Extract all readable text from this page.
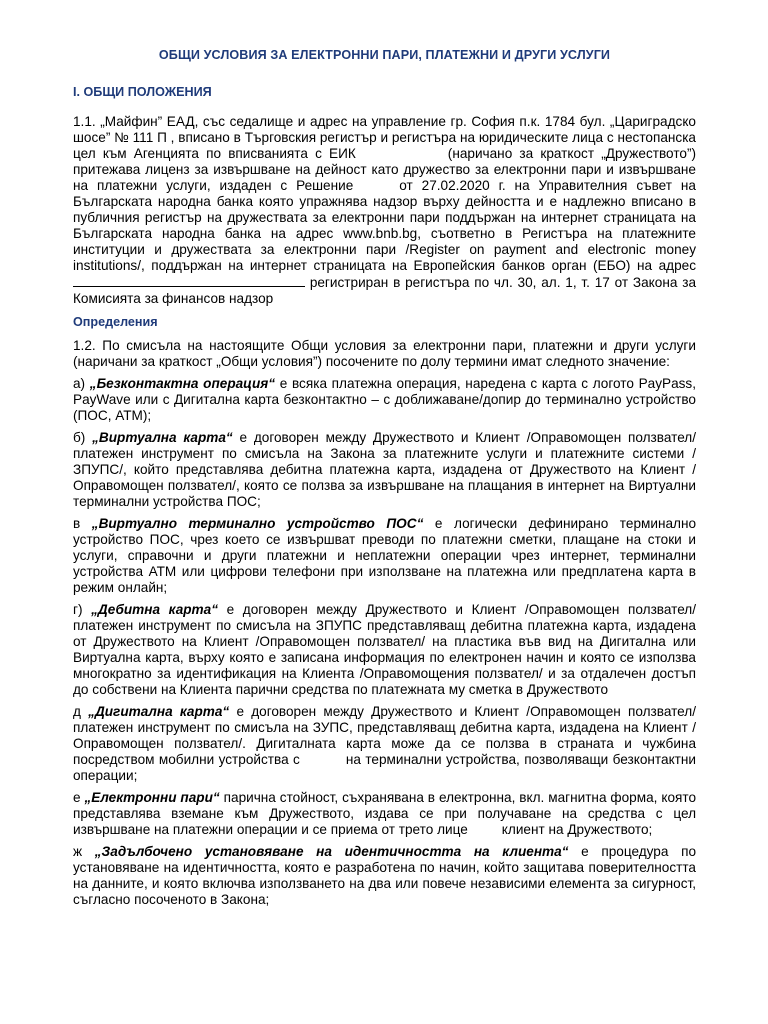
ОБЩИ УСЛОВИЯ ЗА ЕЛЕКТРОННИ ПАРИ, ПЛАТЕЖНИ И ДРУГИ УСЛУГИ
I. ОБЩИ ПОЛОЖЕНИЯ

1.1. „Майфин” ЕАД, със седалище и адрес на управление гр. София п.к. 1784 бул. „Цариградско шосе” № 111 П , вписано в Търговския регистър и регистъра на юридическите лица с нестопанска цел към Агенцията по вписванията с ЕИК	(наричано за краткост „Дружеството”) притежава лиценз за извършване на дейност като дружество за електронни пари и извършване на платежни услуги, издаден с Решение	от 27.02.2020 г. на Управителния съвет на Българската народна банка която упражнява надзор върху дейността и е надлежно вписано в публичния регистър на дружествата за електронни пари поддържан на интернет страницата на Българската народна банка на адрес www.bnb.bg, съответно в Регистъра на платежните институции и дружествата за електронни пари /Register on payment and electronic money institutions/, поддържан на интернет страницата на Европейския банков орган (ЕБО) на адрес  регистриран в регистъра по чл. 30, ал. 1, т. 17 от Закона за Комисията за финансов надзор

Определения

1.2. По смисъла на настоящите Общи условия за електронни пари, платежни и други услуги (наричани за краткост „Общи условия”) посочените по долу термини имат следното значение:

а) „Безконтактна операция“ е всяка платежна операция, наредена с карта с логото PayPass, PayWave или с Дигитална карта безконтактно – с доближаване/допир до терминално устройство (ПОС, АТМ);

б) „Виртуална карта“ е договорен между Дружеството и Клиент /Оправомощен ползвател/ платежен инструмент по смисъла на Закона за платежните услуги и платежните системи /ЗПУПС/, който представлява дебитна платежна карта, издадена от Дружеството на Клиент /Оправомощен ползвател/, която се ползва за извършване на плащания в интернет на Виртуални терминални устройства ПОС;

в „Виртуално терминално устройство ПОС“ е логически дефинирано терминално устройство ПОС, чрез което се извършват преводи по платежни сметки, плащане на стоки и услуги, справочни и други платежни и неплатежни операции чрез интернет, терминални устройства АТМ или цифрови телефони при използване на платежна или предплатена карта в режим онлайн;

г) „Дебитна карта“ е договорен между Дружеството и Клиент /Оправомощен ползвател/ платежен инструмент по смисъла на ЗПУПС представляващ дебитна платежна карта, издадена от Дружеството на Клиент /Оправомощен ползвател/ на пластика във вид на Дигитална или Виртуална карта, върху която е записана информация по електронен начин и която се използва многократно за идентификация на Клиента /Оправомощения ползвател/ и за отдалечен достъп до собствени на Клиента парични средства по платежната му сметка в Дружеството

д „Дигитална карта“ е договорен между Дружеството и Клиент /Оправомощен ползвател/ платежен инструмент по смисъла на ЗУПС, представляващ дебитна карта, издадена на Клиент /Оправомощен ползвател/. Дигиталната карта може да се ползва в страната и чужбина посредством мобилни устройства с	на терминални устройства, позволяващи безконтактни операции;

е „Електронни пари“ парична стойност, съхранявана в електронна, вкл. магнитна форма, която представлява вземане към Дружеството, издава се при получаване на средства с цел извършване на платежни операции и се приема от трето лице	клиент на Дружеството;

ж „Задълбочено установяване на идентичността на клиента“ е процедура по установяване на идентичността, която е разработена по начин, който защитава поверителността на данните, и която включва използването на два или повече независими елемента за сигурност, съгласно посоченото в Закона;
